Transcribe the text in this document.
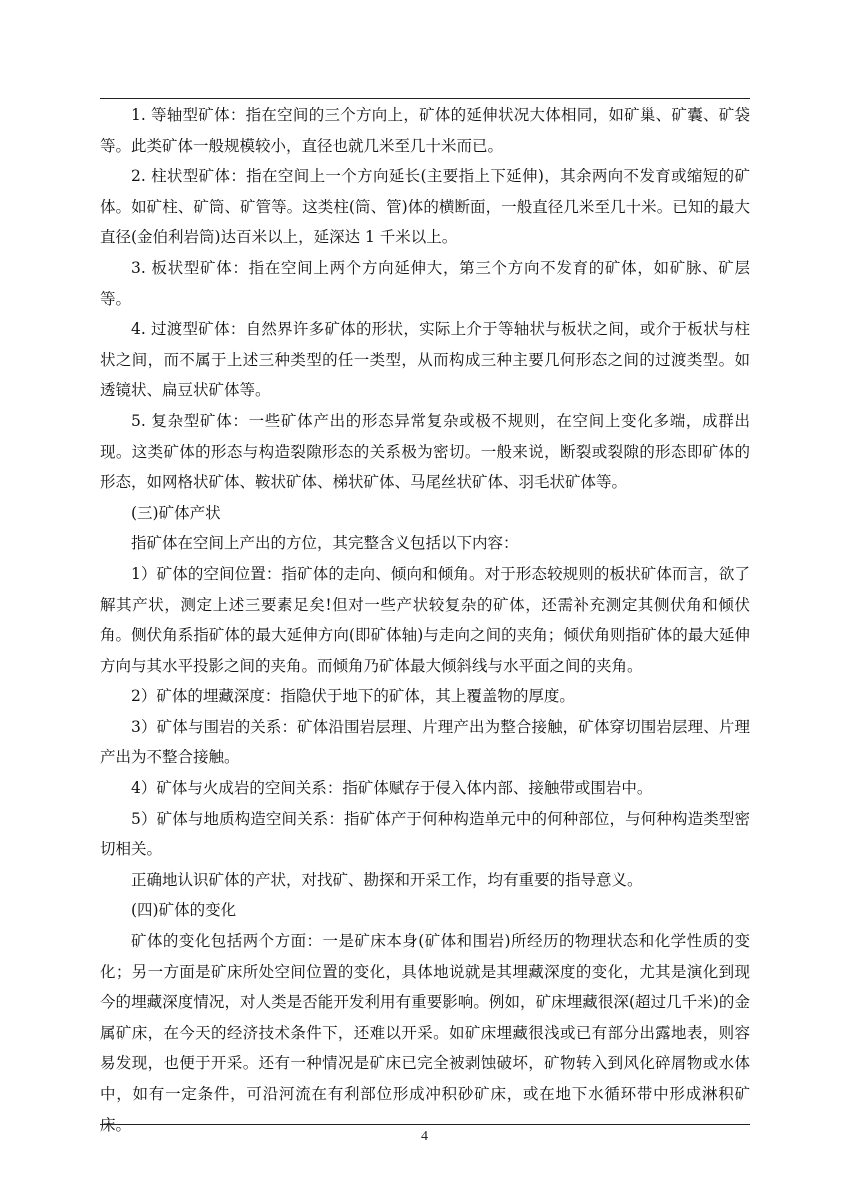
1. 等轴型矿体：指在空间的三个方向上，矿体的延伸状况大体相同，如矿巢、矿囊、矿袋等。此类矿体一般规模较小，直径也就几米至几十米而已。

2. 柱状型矿体：指在空间上一个方向延长(主要指上下延伸)，其余两向不发育或缩短的矿体。如矿柱、矿筒、矿管等。这类柱(筒、管)体的横断面，一般直径几米至几十米。已知的最大直径(金伯利岩筒)达百米以上，延深达 1 千米以上。

3. 板状型矿体：指在空间上两个方向延伸大，第三个方向不发育的矿体，如矿脉、矿层等。

4. 过渡型矿体：自然界许多矿体的形状，实际上介于等轴状与板状之间，或介于板状与柱状之间，而不属于上述三种类型的任一类型，从而构成三种主要几何形态之间的过渡类型。如透镜状、扁豆状矿体等。

5. 复杂型矿体：一些矿体产出的形态异常复杂或极不规则，在空间上变化多端，成群出现。这类矿体的形态与构造裂隙形态的关系极为密切。一般来说，断裂或裂隙的形态即矿体的形态，如网格状矿体、鞍状矿体、梯状矿体、马尾丝状矿体、羽毛状矿体等。

(三)矿体产状

指矿体在空间上产出的方位，其完整含义包括以下内容：

1）矿体的空间位置：指矿体的走向、倾向和倾角。对于形态较规则的板状矿体而言，欲了解其产状，测定上述三要素足矣!但对一些产状较复杂的矿体，还需补充测定其侧伏角和倾伏角。侧伏角系指矿体的最大延伸方向(即矿体轴)与走向之间的夹角；倾伏角则指矿体的最大延伸方向与其水平投影之间的夹角。而倾角乃矿体最大倾斜线与水平面之间的夹角。

2）矿体的埋藏深度：指隐伏于地下的矿体，其上覆盖物的厚度。

3）矿体与围岩的关系：矿体沿围岩层理、片理产出为整合接触，矿体穿切围岩层理、片理产出为不整合接触。

4）矿体与火成岩的空间关系：指矿体赋存于侵入体内部、接触带或围岩中。

5）矿体与地质构造空间关系：指矿体产于何种构造单元中的何种部位，与何种构造类型密切相关。

正确地认识矿体的产状，对找矿、勘探和开采工作，均有重要的指导意义。

(四)矿体的变化

矿体的变化包括两个方面：一是矿床本身(矿体和围岩)所经历的物理状态和化学性质的变化；另一方面是矿床所处空间位置的变化，具体地说就是其埋藏深度的变化，尤其是演化到现今的埋藏深度情况，对人类是否能开发利用有重要影响。例如，矿床埋藏很深(超过几千米)的金属矿床，在今天的经济技术条件下，还难以开采。如矿床埋藏很浅或已有部分出露地表，则容易发现，也便于开采。还有一种情况是矿床已完全被剥蚀破坏，矿物转入到风化碎屑物或水体中，如有一定条件，可沿河流在有利部位形成冲积砂矿床，或在地下水循环带中形成淋积矿床。

4
